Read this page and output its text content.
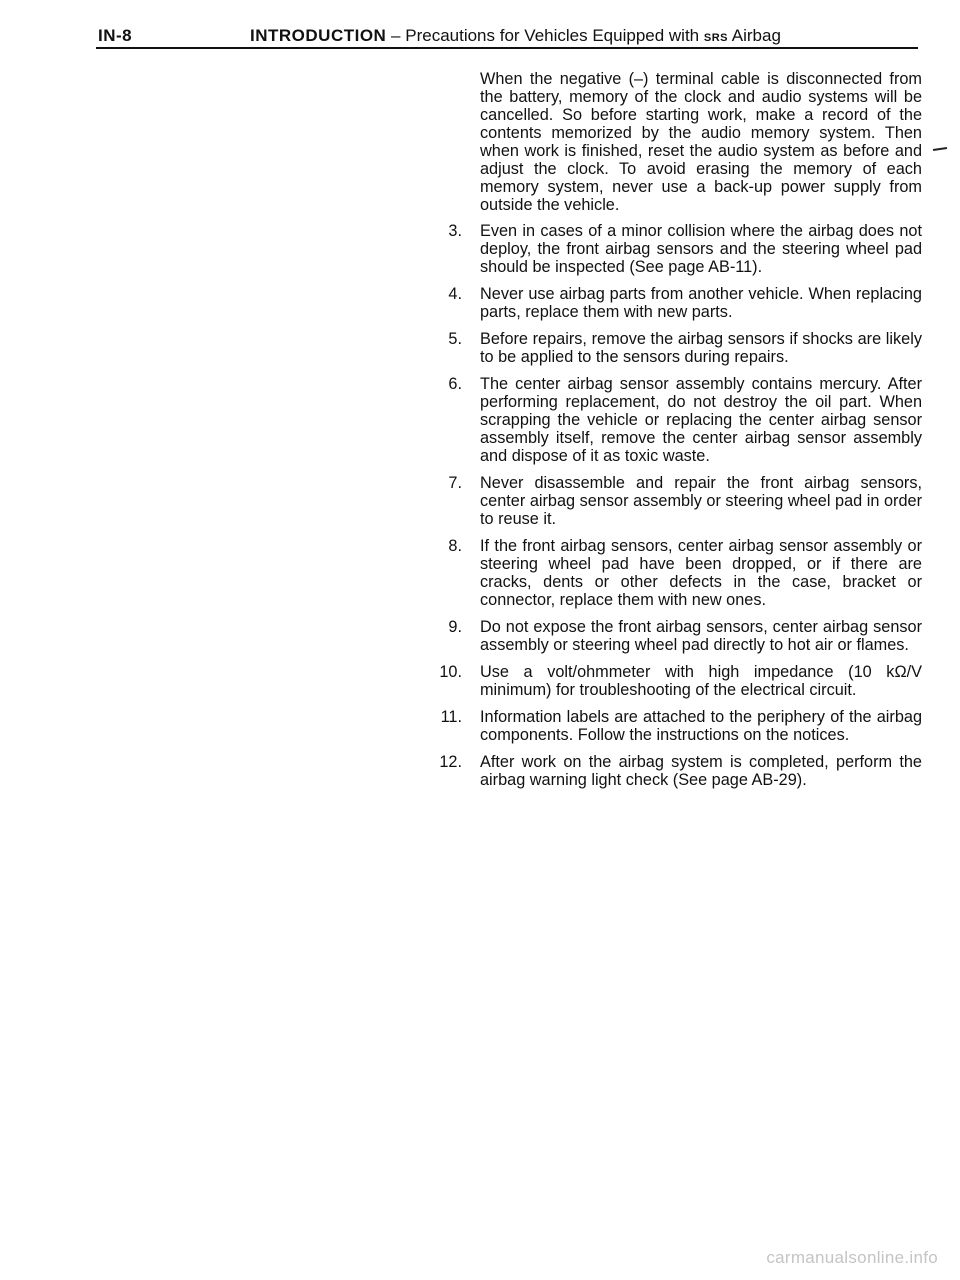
IN-8	INTRODUCTION – Precautions for Vehicles Equipped with SRS Airbag

When the negative (–) terminal cable is disconnected from the battery, memory of the clock and audio systems will be cancelled. So before starting work, make a record of the contents memorized by the audio memory system. Then when work is finished, reset the audio system as before and adjust the clock. To avoid erasing the memory of each memory system, never use a back-up power supply from outside the vehicle.

3. Even in cases of a minor collision where the airbag does not deploy, the front airbag sensors and the steering wheel pad should be inspected (See page AB-11).
4. Never use airbag parts from another vehicle. When replacing parts, replace them with new parts.
5. Before repairs, remove the airbag sensors if shocks are likely to be applied to the sensors during repairs.
6. The center airbag sensor assembly contains mercury. After performing replacement, do not destroy the oil part. When scrapping the vehicle or replacing the center airbag sensor assembly itself, remove the center airbag sensor assembly and dispose of it as toxic waste.
7. Never disassemble and repair the front airbag sensors, center airbag sensor assembly or steering wheel pad in order to reuse it.
8. If the front airbag sensors, center airbag sensor assembly or steering wheel pad have been dropped, or if there are cracks, dents or other defects in the case, bracket or connector, replace them with new ones.
9. Do not expose the front airbag sensors, center airbag sensor assembly or steering wheel pad directly to hot air or flames.
10. Use a volt/ohmmeter with high impedance (10 kΩ/V minimum) for troubleshooting of the electrical circuit.
11. Information labels are attached to the periphery of the airbag components. Follow the instructions on the notices.
12. After work on the airbag system is completed, perform the airbag warning light check (See page AB-29).
carmanualsonline.info
